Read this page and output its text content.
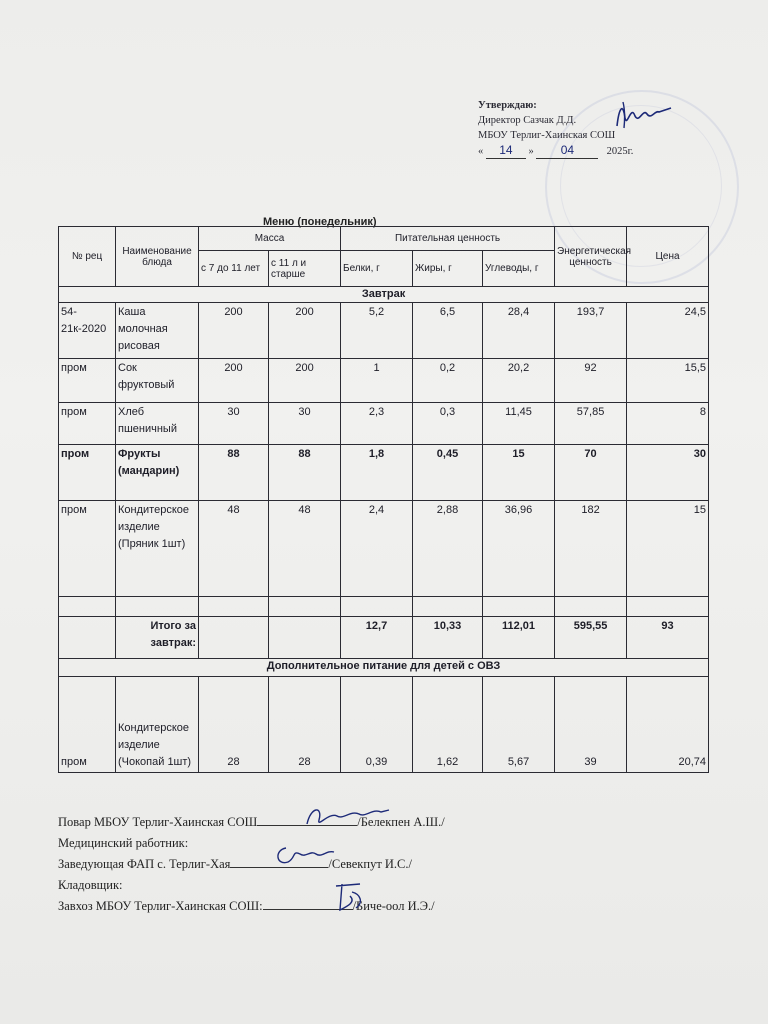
Утверждаю:
Директор Сазчак Д.Д.
МБОУ Терлиг-Хаинская СОШ
« 14 » 04	2025г.
Меню (понедельник)
№ рец	Наименование блюда	Масса		Питательная ценность			Энергетическая ценность	Цена
		с 7 до 11 лет	с 11 л и старше	Белки, г	Жиры, г	Углеводы, г		
Завтрак								
54-21к-2020	Каша молочная рисовая	200	200	5,2	6,5	28,4	193,7	24,5
пром	Сок фруктовый	200	200	1	0,2	20,2	92	15,5
пром	Хлеб пшеничный	30	30	2,3	0,3	11,45	57,85	8
пром	Фрукты (мандарин)	88	88	1,8	0,45	15	70	30
пром	Кондитерское изделие (Пряник 1шт)	48	48	2,4	2,88	36,96	182	15

	Итого за завтрак:			12,7	10,33	112,01	595,55	93
Дополнительное питание для детей с ОВЗ								
пром	Кондитерское изделие (Чокопай 1шт)	28	28	0,39	1,62	5,67	39	20,74
Повар МБОУ Терлиг-Хаинская СОШ	/Белекпен А.Ш./
Медицинский работник:
Заведующая ФАП с. Терлиг-Хая	/Севекпут И.С./
Кладовщик:
Завхоз МБОУ Терлиг-Хаинская СОШ:	/Биче-оол И.Э./
